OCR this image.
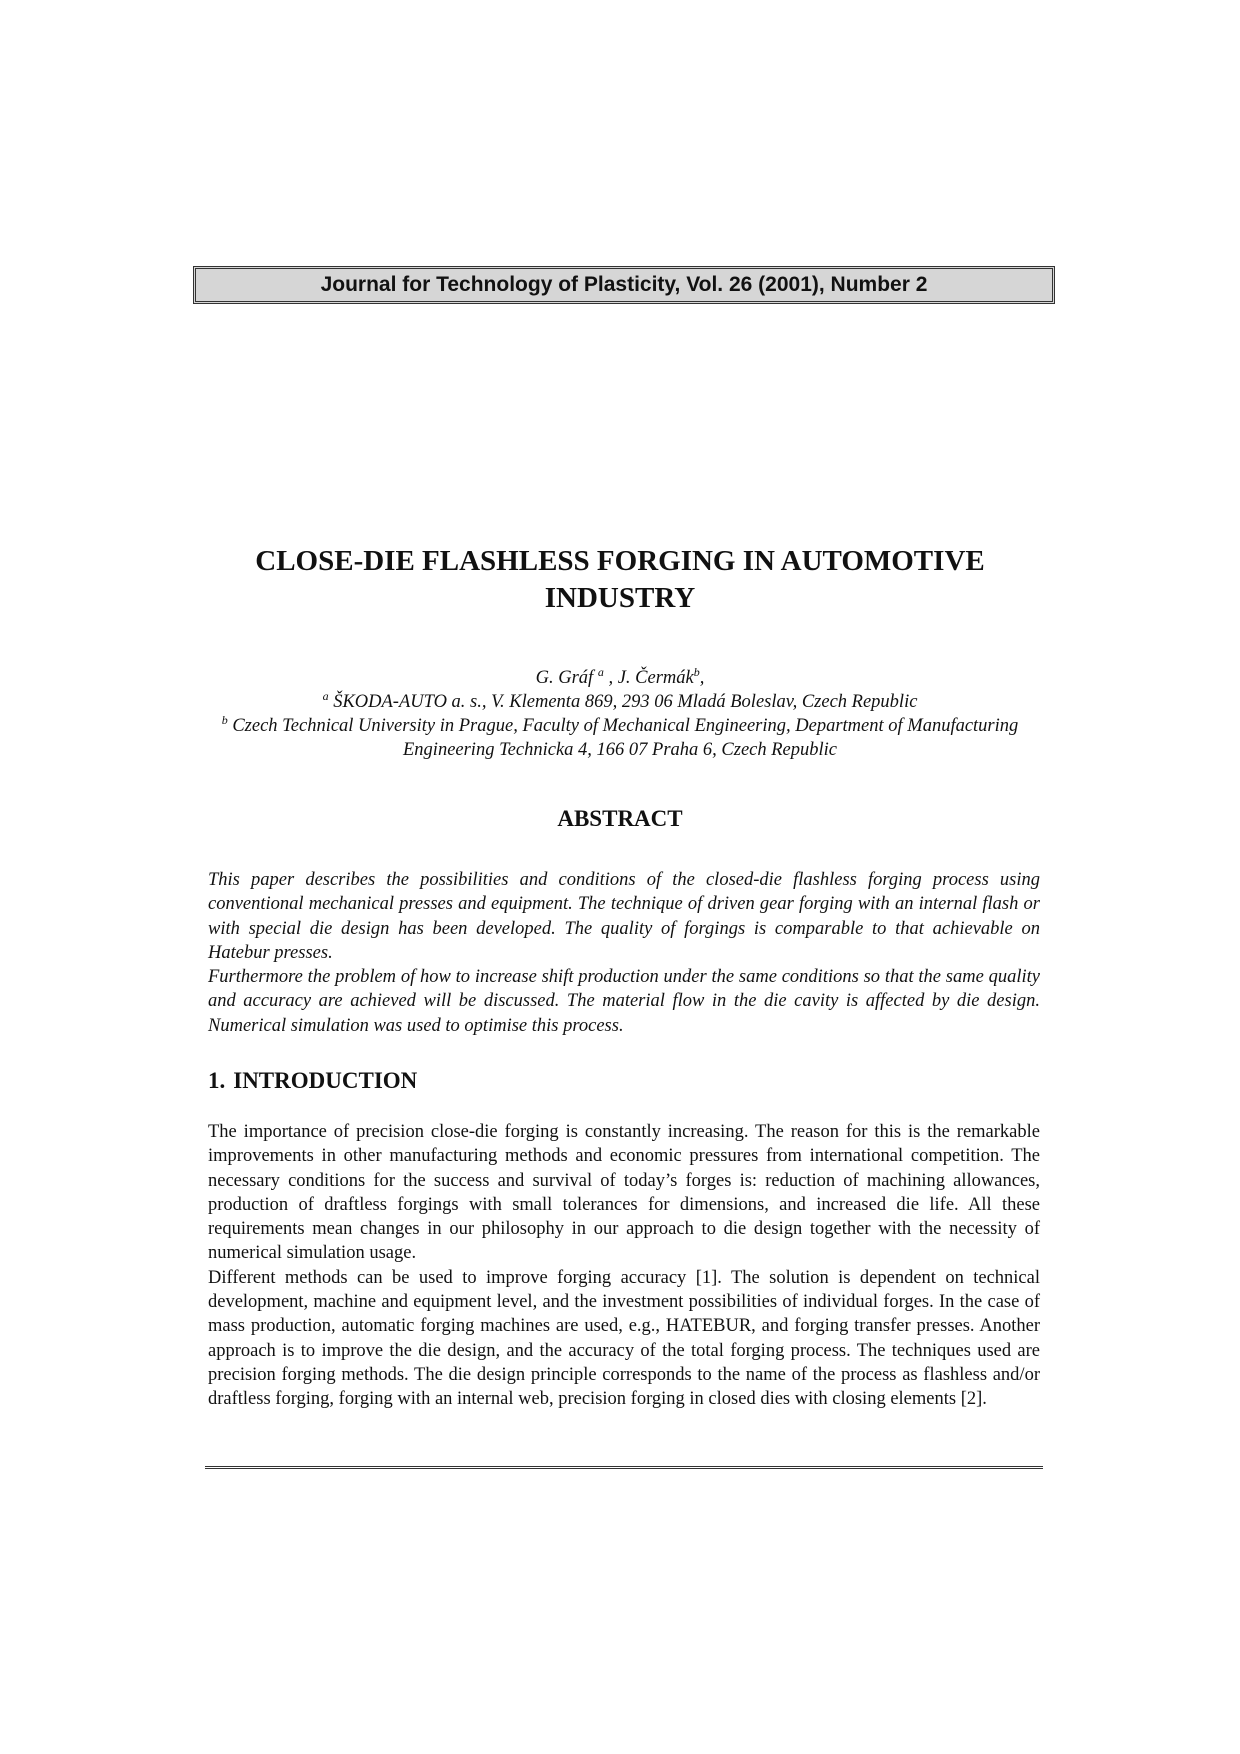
Journal for Technology of Plasticity, Vol. 26 (2001), Number 2
CLOSE-DIE FLASHLESS FORGING IN AUTOMOTIVE INDUSTRY
G. Gráf $^a$ , J. Čermák$^b$,
$^a$ ŠKODA-AUTO a. s., V. Klementa 869, 293 06 Mladá Boleslav, Czech Republic
$^b$ Czech Technical University in Prague, Faculty of Mechanical Engineering, Department of Manufacturing Engineering Technicka 4, 166 07 Praha 6, Czech Republic
ABSTRACT

This paper describes the possibilities and conditions of the closed-die flashless forging process using conventional mechanical presses and equipment. The technique of driven gear forging with an internal flash or with special die design has been developed. The quality of forgings is comparable to that achievable on Hatebur presses.

Furthermore the problem of how to increase shift production under the same conditions so that the same quality and accuracy are achieved will be discussed. The material flow in the die cavity is affected by die design. Numerical simulation was used to optimise this process.

1. INTRODUCTION

The importance of precision close-die forging is constantly increasing. The reason for this is the remarkable improvements in other manufacturing methods and economic pressures from international competition. The necessary conditions for the success and survival of today’s forges is: reduction of machining allowances, production of draftless forgings with small tolerances for dimensions, and increased die life. All these requirements mean changes in our philosophy in our approach to die design together with the necessity of numerical simulation usage.

Different methods can be used to improve forging accuracy [1]. The solution is dependent on technical development, machine and equipment level, and the investment possibilities of individual forges. In the case of mass production, automatic forging machines are used, e.g., HATEBUR, and forging transfer presses. Another approach is to improve the die design, and the accuracy of the total forging process. The techniques used are precision forging methods. The die design principle corresponds to the name of the process as flashless and/or draftless forging, forging with an internal web, precision forging in closed dies with closing elements [2].
